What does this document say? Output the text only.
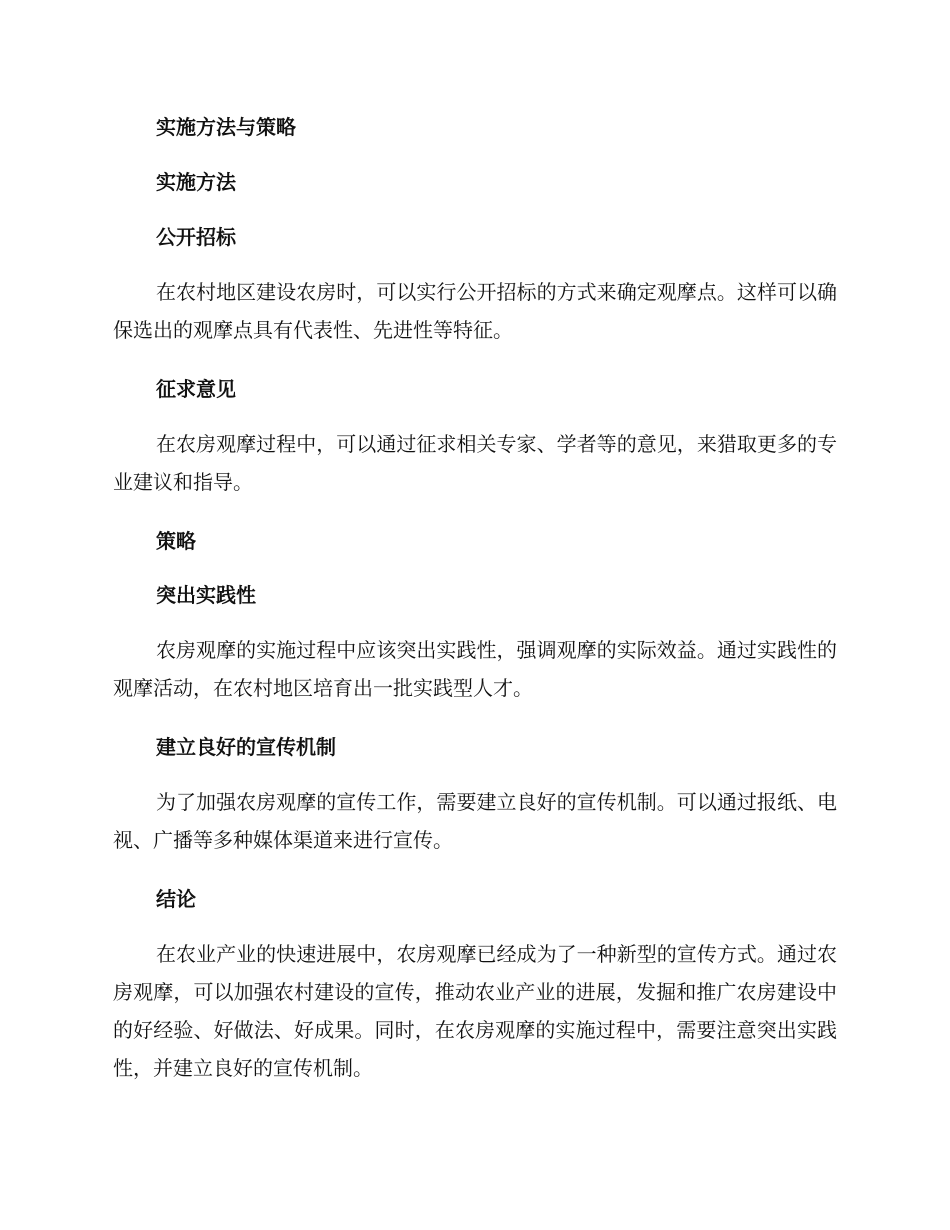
实施方法与策略
实施方法
公开招标
在农村地区建设农房时，可以实行公开招标的方式来确定观摩点。这样可以确保选出的观摩点具有代表性、先进性等特征。
征求意见
在农房观摩过程中，可以通过征求相关专家、学者等的意见，来猎取更多的专业建议和指导。
策略
突出实践性
农房观摩的实施过程中应该突出实践性，强调观摩的实际效益。通过实践性的观摩活动，在农村地区培育出一批实践型人才。
建立良好的宣传机制
为了加强农房观摩的宣传工作，需要建立良好的宣传机制。可以通过报纸、电视、广播等多种媒体渠道来进行宣传。
结论
在农业产业的快速进展中，农房观摩已经成为了一种新型的宣传方式。通过农房观摩，可以加强农村建设的宣传，推动农业产业的进展，发掘和推广农房建设中的好经验、好做法、好成果。同时，在农房观摩的实施过程中，需要注意突出实践性，并建立良好的宣传机制。
